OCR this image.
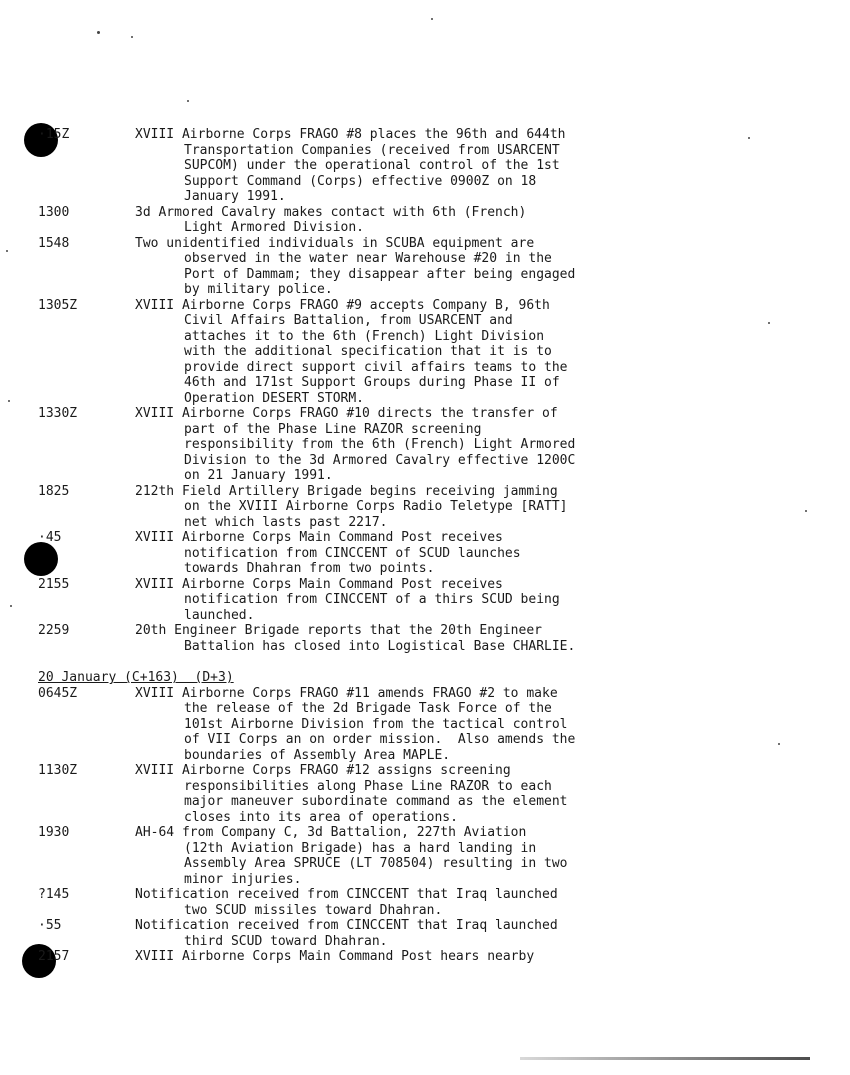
·15Z	XVIII Airborne Corps FRAGO #8 places the 96th and 644th
Transportation Companies (received from USARCENT
SUPCOM) under the operational control of the 1st
Support Command (Corps) effective 0900Z on 18
January 1991.
1300	3d Armored Cavalry makes contact with 6th (French)
Light Armored Division.
1548	Two unidentified individuals in SCUBA equipment are
observed in the water near Warehouse #20 in the
Port of Dammam; they disappear after being engaged
by military police.
1305Z	XVIII Airborne Corps FRAGO #9 accepts Company B, 96th
Civil Affairs Battalion, from USARCENT and
attaches it to the 6th (French) Light Division
with the additional specification that it is to
provide direct support civil affairs teams to the
46th and 171st Support Groups during Phase II of
Operation DESERT STORM.
1330Z	XVIII Airborne Corps FRAGO #10 directs the transfer of
part of the Phase Line RAZOR screening
responsibility from the 6th (French) Light Armored
Division to the 3d Armored Cavalry effective 1200C
on 21 January 1991.
1825	212th Field Artillery Brigade begins receiving jamming
on the XVIII Airborne Corps Radio Teletype [RATT]
net which lasts past 2217.
·45	XVIII Airborne Corps Main Command Post receives
notification from CINCCENT of SCUD launches
towards Dhahran from two points.
2155	XVIII Airborne Corps Main Command Post receives
notification from CINCCENT of a thirs SCUD being
launched.
2259	20th Engineer Brigade reports that the 20th Engineer
Battalion has closed into Logistical Base CHARLIE.
20 January (C+163)  (D+3)
0645Z	XVIII Airborne Corps FRAGO #11 amends FRAGO #2 to make
the release of the 2d Brigade Task Force of the
101st Airborne Division from the tactical control
of VII Corps an on order mission.  Also amends the
boundaries of Assembly Area MAPLE.
1130Z	XVIII Airborne Corps FRAGO #12 assigns screening
responsibilities along Phase Line RAZOR to each
major maneuver subordinate command as the element
closes into its area of operations.
1930	AH-64 from Company C, 3d Battalion, 227th Aviation
(12th Aviation Brigade) has a hard landing in
Assembly Area SPRUCE (LT 708504) resulting in two
minor injuries.
?145	Notification received from CINCCENT that Iraq launched
two SCUD missiles toward Dhahran.
·55	Notification received from CINCCENT that Iraq launched
third SCUD toward Dhahran.
2157	XVIII Airborne Corps Main Command Post hears nearby
